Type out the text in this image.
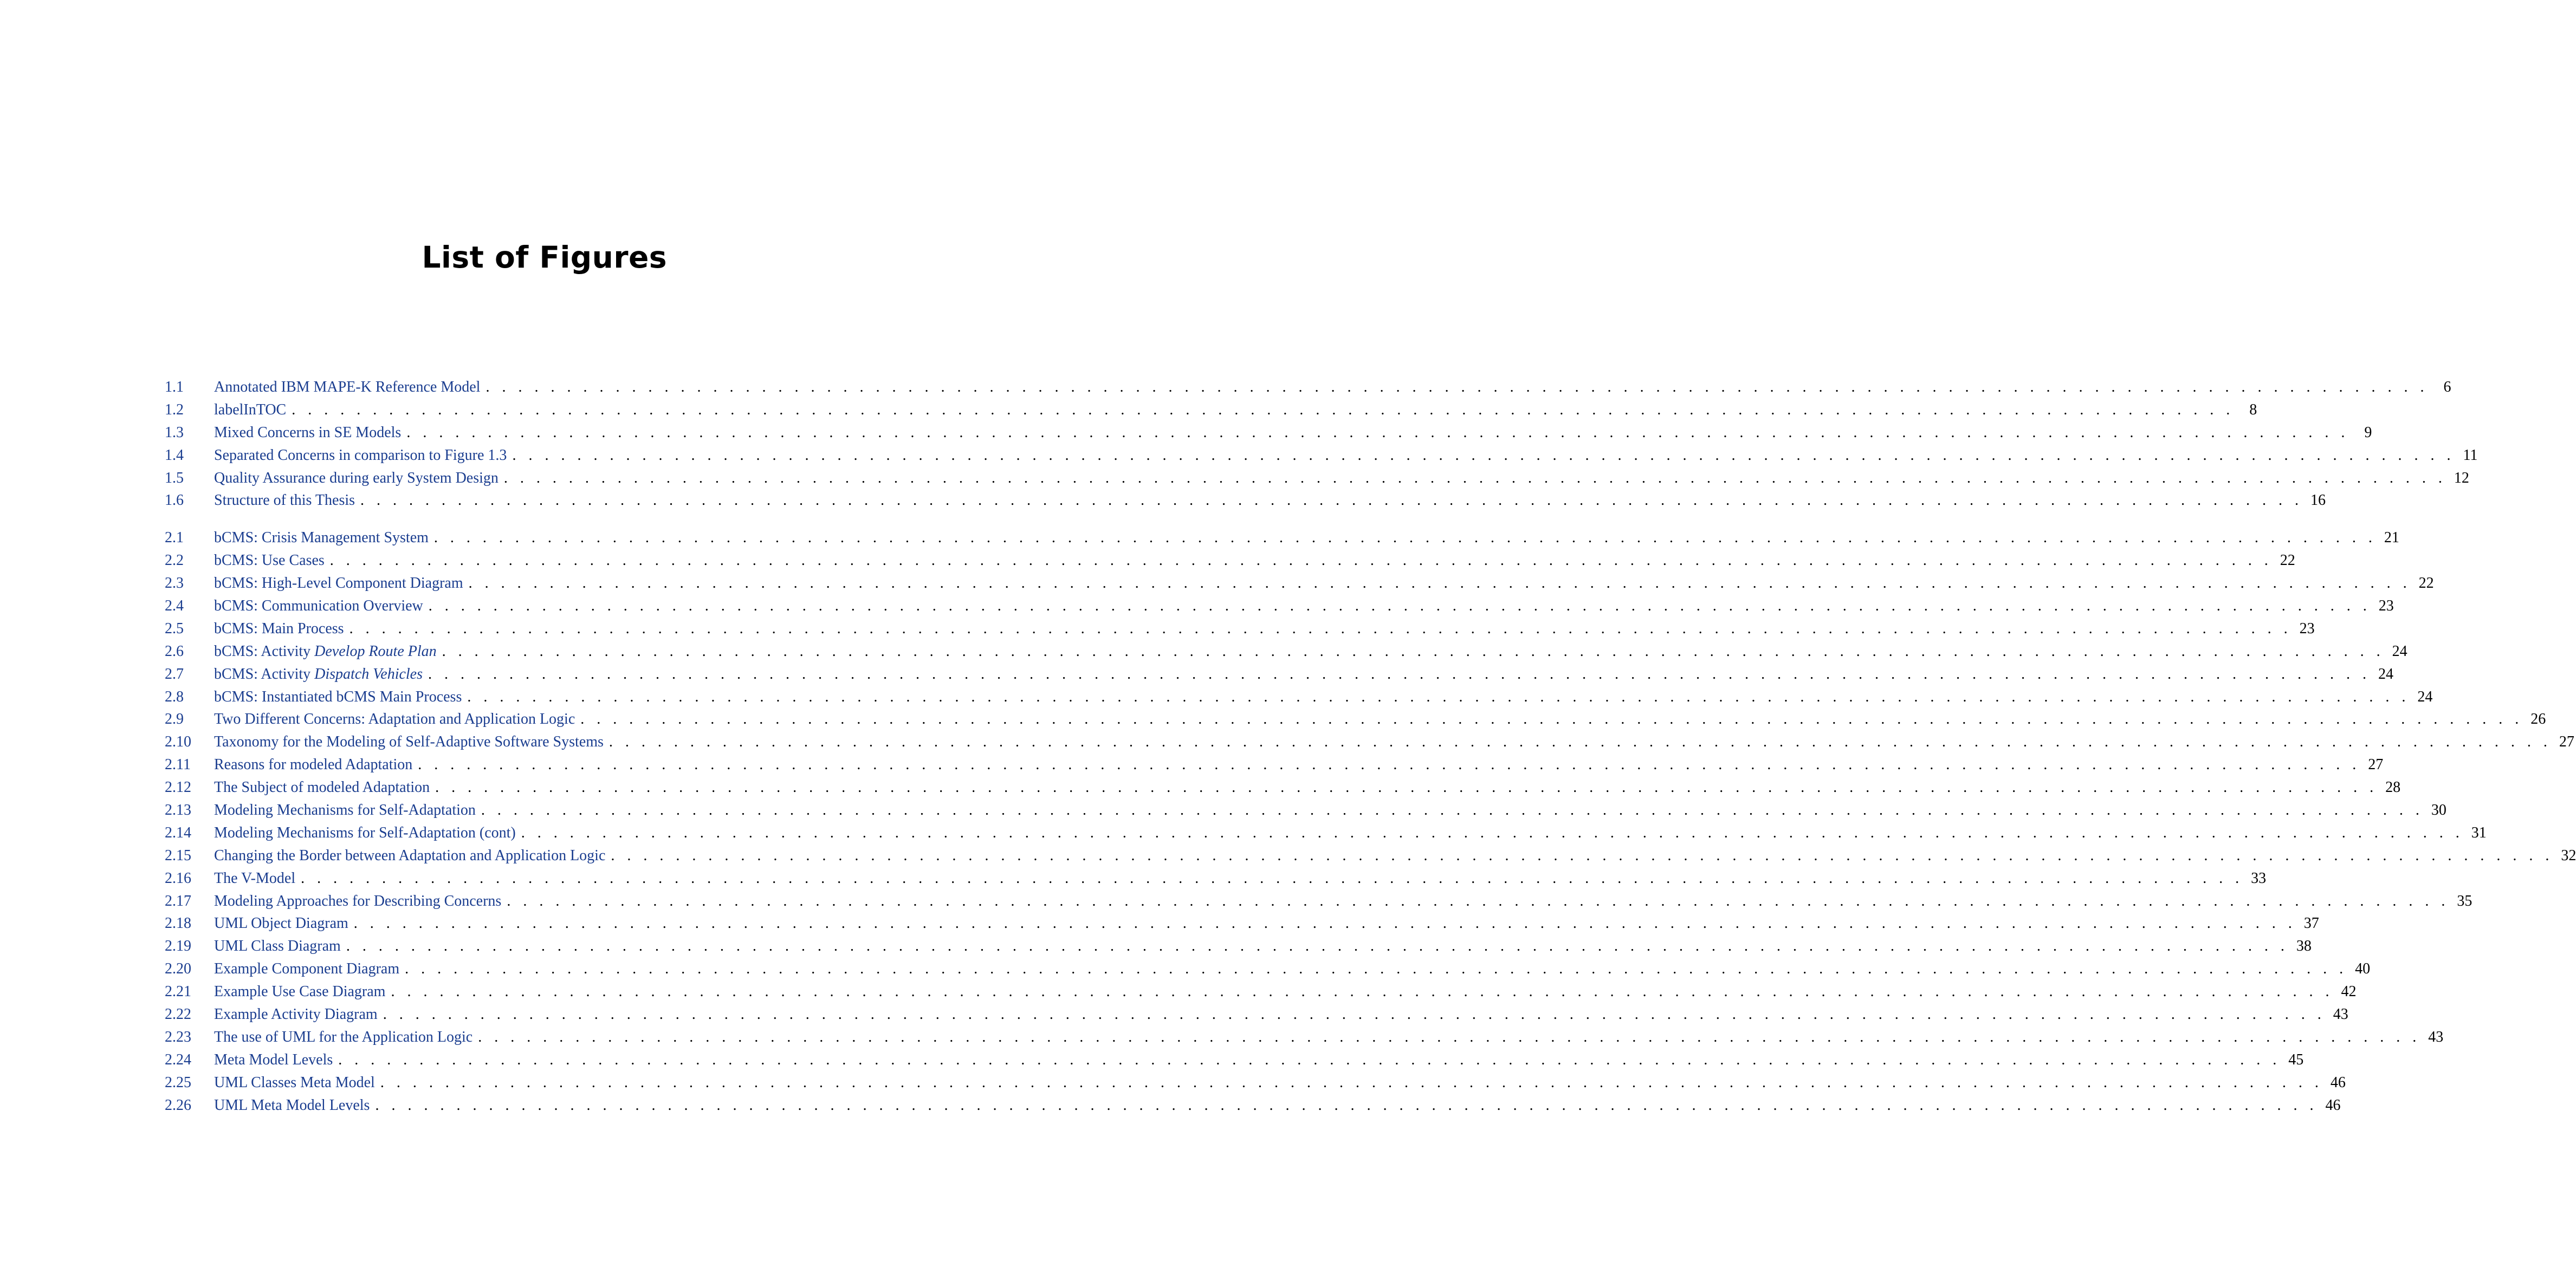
List of Figures
1.1	Annotated IBM MAPE-K Reference Model . . . . . . . . . . . . . . . . . . . . . . . . . . . . . . . . . . . . . . . . . . . . . . . . . . . . . . . . . . . . . . . . . . . . . . . . . . . . . . . . . . . . . . . . . . . . . . . . . . . . . . . . . . . . . . . . . . . . . . . .	6
1.2	labelInTOC . . . . . . . . . . . . . . . . . . . . . . . . . . . . . . . . . . . . . . . . . . . . . . . . . . . . . . . . . . . . . . . . . . . . . . . . . . . . . . . . . . . . . . . . . . . . . . . . . . . . . . . . . . . . . . . . . . . . . . . .	8
1.3	Mixed Concerns in SE Models . . . . . . . . . . . . . . . . . . . . . . . . . . . . . . . . . . . . . . . . . . . . . . . . . . . . . . . . . . . . . . . . . . . . . . . . . . . . . . . . . . . . . . . . . . . . . . . . . . . . . . . . . . . . . . . . . . . . . . . .	9
1.4	Separated Concerns in comparison to Figure 1.3 . . . . . . . . . . . . . . . . . . . . . . . . . . . . . . . . . . . . . . . . . . . . . . . . . . . . . . . . . . . . . . . . . . . . . . . . . . . . . . . . . . . . . . . . . . . . . . . . . . . . . . . . . . . . . . . . . . . . . . . . 11
1.5	Quality Assurance during early System Design . . . . . . . . . . . . . . . . . . . . . . . . . . . . . . . . . . . . . . . . . . . . . . . . . . . . . . . . . . . . . . . . . . . . . . . . . . . . . . . . . . . . . . . . . . . . . . . . . . . . . . . . . . . . . . . . . . . . . . . . 12
1.6	Structure of this Thesis . . . . . . . . . . . . . . . . . . . . . . . . . . . . . . . . . . . . . . . . . . . . . . . . . . . . . . . . . . . . . . . . . . . . . . . . . . . . . . . . . . . . . . . . . . . . . . . . . . . . . . . . . . . . . . . . . . . . . . . . 16
2.1	bCMS: Crisis Management System . . . . . . . . . . . . . . . . . . . . . . . . . . . . . . . . . . . . . . . . . . . . . . . . . . . . . . . . . . . . . . . . . . . . . . . . . . . . . . . . . . . . . . . . . . . . . . . . . . . . . . . . . . . . . . . . . . . . . . . . 21
2.2	bCMS: Use Cases . . . . . . . . . . . . . . . . . . . . . . . . . . . . . . . . . . . . . . . . . . . . . . . . . . . . . . . . . . . . . . . . . . . . . . . . . . . . . . . . . . . . . . . . . . . . . . . . . . . . . . . . . . . . . . . . . . . . . . . . 22
2.3	bCMS: High-Level Component Diagram . . . . . . . . . . . . . . . . . . . . . . . . . . . . . . . . . . . . . . . . . . . . . . . . . . . . . . . . . . . . . . . . . . . . . . . . . . . . . . . . . . . . . . . . . . . . . . . . . . . . . . . . . . . . . . . . . . . . . . . . 22
2.4	bCMS: Communication Overview . . . . . . . . . . . . . . . . . . . . . . . . . . . . . . . . . . . . . . . . . . . . . . . . . . . . . . . . . . . . . . . . . . . . . . . . . . . . . . . . . . . . . . . . . . . . . . . . . . . . . . . . . . . . . . . . . . . . . . . . 23
2.5	bCMS: Main Process . . . . . . . . . . . . . . . . . . . . . . . . . . . . . . . . . . . . . . . . . . . . . . . . . . . . . . . . . . . . . . . . . . . . . . . . . . . . . . . . . . . . . . . . . . . . . . . . . . . . . . . . . . . . . . . . . . . . . . . . 23
2.6	bCMS: Activity Develop Route Plan . . . . . . . . . . . . . . . . . . . . . . . . . . . . . . . . . . . . . . . . . . . . . . . . . . . . . . . . . . . . . . . . . . . . . . . . . . . . . . . . . . . . . . . . . . . . . . . . . . . . . . . . . . . . . . . . . . . . . . . . 24
2.7	bCMS: Activity Dispatch Vehicles . . . . . . . . . . . . . . . . . . . . . . . . . . . . . . . . . . . . . . . . . . . . . . . . . . . . . . . . . . . . . . . . . . . . . . . . . . . . . . . . . . . . . . . . . . . . . . . . . . . . . . . . . . . . . . . . . . . . . . . . 24
2.8	bCMS: Instantiated bCMS Main Process . . . . . . . . . . . . . . . . . . . . . . . . . . . . . . . . . . . . . . . . . . . . . . . . . . . . . . . . . . . . . . . . . . . . . . . . . . . . . . . . . . . . . . . . . . . . . . . . . . . . . . . . . . . . . . . . . . . . . . . . 24
2.9	Two Different Concerns: Adaptation and Application Logic . . . . . . . . . . . . . . . . . . . . . . . . . . . . . . . . . . . . . . . . . . . . . . . . . . . . . . . . . . . . . . . . . . . . . . . . . . . . . . . . . . . . . . . . . . . . . . . . . . . . . . . . . . . . . . . . . . . . . . . . 26
2.10	Taxonomy for the Modeling of Self-Adaptive Software Systems . . . . . . . . . . . . . . . . . . . . . . . . . . . . . . . . . . . . . . . . . . . . . . . . . . . . . . . . . . . . . . . . . . . . . . . . . . . . . . . . . . . . . . . . . . . . . . . . . . . . . . . . . . . . . . . . . . . . . . . . 27
2.11	Reasons for modeled Adaptation . . . . . . . . . . . . . . . . . . . . . . . . . . . . . . . . . . . . . . . . . . . . . . . . . . . . . . . . . . . . . . . . . . . . . . . . . . . . . . . . . . . . . . . . . . . . . . . . . . . . . . . . . . . . . . . . . . . . . . . . 27
2.12	The Subject of modeled Adaptation . . . . . . . . . . . . . . . . . . . . . . . . . . . . . . . . . . . . . . . . . . . . . . . . . . . . . . . . . . . . . . . . . . . . . . . . . . . . . . . . . . . . . . . . . . . . . . . . . . . . . . . . . . . . . . . . . . . . . . . . 28
2.13	Modeling Mechanisms for Self-Adaptation . . . . . . . . . . . . . . . . . . . . . . . . . . . . . . . . . . . . . . . . . . . . . . . . . . . . . . . . . . . . . . . . . . . . . . . . . . . . . . . . . . . . . . . . . . . . . . . . . . . . . . . . . . . . . . . . . . . . . . . . 30
2.14	Modeling Mechanisms for Self-Adaptation (cont) . . . . . . . . . . . . . . . . . . . . . . . . . . . . . . . . . . . . . . . . . . . . . . . . . . . . . . . . . . . . . . . . . . . . . . . . . . . . . . . . . . . . . . . . . . . . . . . . . . . . . . . . . . . . . . . . . . . . . . . . 31
2.15	Changing the Border between Adaptation and Application Logic . . . . . . . . . . . . . . . . . . . . . . . . . . . . . . . . . . . . . . . . . . . . . . . . . . . . . . . . . . . . . . . . . . . . . . . . . . . . . . . . . . . . . . . . . . . . . . . . . . . . . . . . . . . . . . . . . . . . . . . . 32
2.16	The V-Model . . . . . . . . . . . . . . . . . . . . . . . . . . . . . . . . . . . . . . . . . . . . . . . . . . . . . . . . . . . . . . . . . . . . . . . . . . . . . . . . . . . . . . . . . . . . . . . . . . . . . . . . . . . . . . . . . . . . . . . . 33
2.17	Modeling Approaches for Describing Concerns . . . . . . . . . . . . . . . . . . . . . . . . . . . . . . . . . . . . . . . . . . . . . . . . . . . . . . . . . . . . . . . . . . . . . . . . . . . . . . . . . . . . . . . . . . . . . . . . . . . . . . . . . . . . . . . . . . . . . . . . 35
2.18	UML Object Diagram . . . . . . . . . . . . . . . . . . . . . . . . . . . . . . . . . . . . . . . . . . . . . . . . . . . . . . . . . . . . . . . . . . . . . . . . . . . . . . . . . . . . . . . . . . . . . . . . . . . . . . . . . . . . . . . . . . . . . . . . 37
2.19	UML Class Diagram . . . . . . . . . . . . . . . . . . . . . . . . . . . . . . . . . . . . . . . . . . . . . . . . . . . . . . . . . . . . . . . . . . . . . . . . . . . . . . . . . . . . . . . . . . . . . . . . . . . . . . . . . . . . . . . . . . . . . . . . 38
2.20	Example Component Diagram . . . . . . . . . . . . . . . . . . . . . . . . . . . . . . . . . . . . . . . . . . . . . . . . . . . . . . . . . . . . . . . . . . . . . . . . . . . . . . . . . . . . . . . . . . . . . . . . . . . . . . . . . . . . . . . . . . . . . . . . 40
2.21	Example Use Case Diagram . . . . . . . . . . . . . . . . . . . . . . . . . . . . . . . . . . . . . . . . . . . . . . . . . . . . . . . . . . . . . . . . . . . . . . . . . . . . . . . . . . . . . . . . . . . . . . . . . . . . . . . . . . . . . . . . . . . . . . . . 42
2.22	Example Activity Diagram . . . . . . . . . . . . . . . . . . . . . . . . . . . . . . . . . . . . . . . . . . . . . . . . . . . . . . . . . . . . . . . . . . . . . . . . . . . . . . . . . . . . . . . . . . . . . . . . . . . . . . . . . . . . . . . . . . . . . . . . 43
2.23	The use of UML for the Application Logic . . . . . . . . . . . . . . . . . . . . . . . . . . . . . . . . . . . . . . . . . . . . . . . . . . . . . . . . . . . . . . . . . . . . . . . . . . . . . . . . . . . . . . . . . . . . . . . . . . . . . . . . . . . . . . . . . . . . . . . . 43
2.24	Meta Model Levels . . . . . . . . . . . . . . . . . . . . . . . . . . . . . . . . . . . . . . . . . . . . . . . . . . . . . . . . . . . . . . . . . . . . . . . . . . . . . . . . . . . . . . . . . . . . . . . . . . . . . . . . . . . . . . . . . . . . . . . . 45
2.25	UML Classes Meta Model . . . . . . . . . . . . . . . . . . . . . . . . . . . . . . . . . . . . . . . . . . . . . . . . . . . . . . . . . . . . . . . . . . . . . . . . . . . . . . . . . . . . . . . . . . . . . . . . . . . . . . . . . . . . . . . . . . . . . . . . 46
2.26	UML Meta Model Levels . . . . . . . . . . . . . . . . . . . . . . . . . . . . . . . . . . . . . . . . . . . . . . . . . . . . . . . . . . . . . . . . . . . . . . . . . . . . . . . . . . . . . . . . . . . . . . . . . . . . . . . . . . . . . . . . . . . . . . . . 46
